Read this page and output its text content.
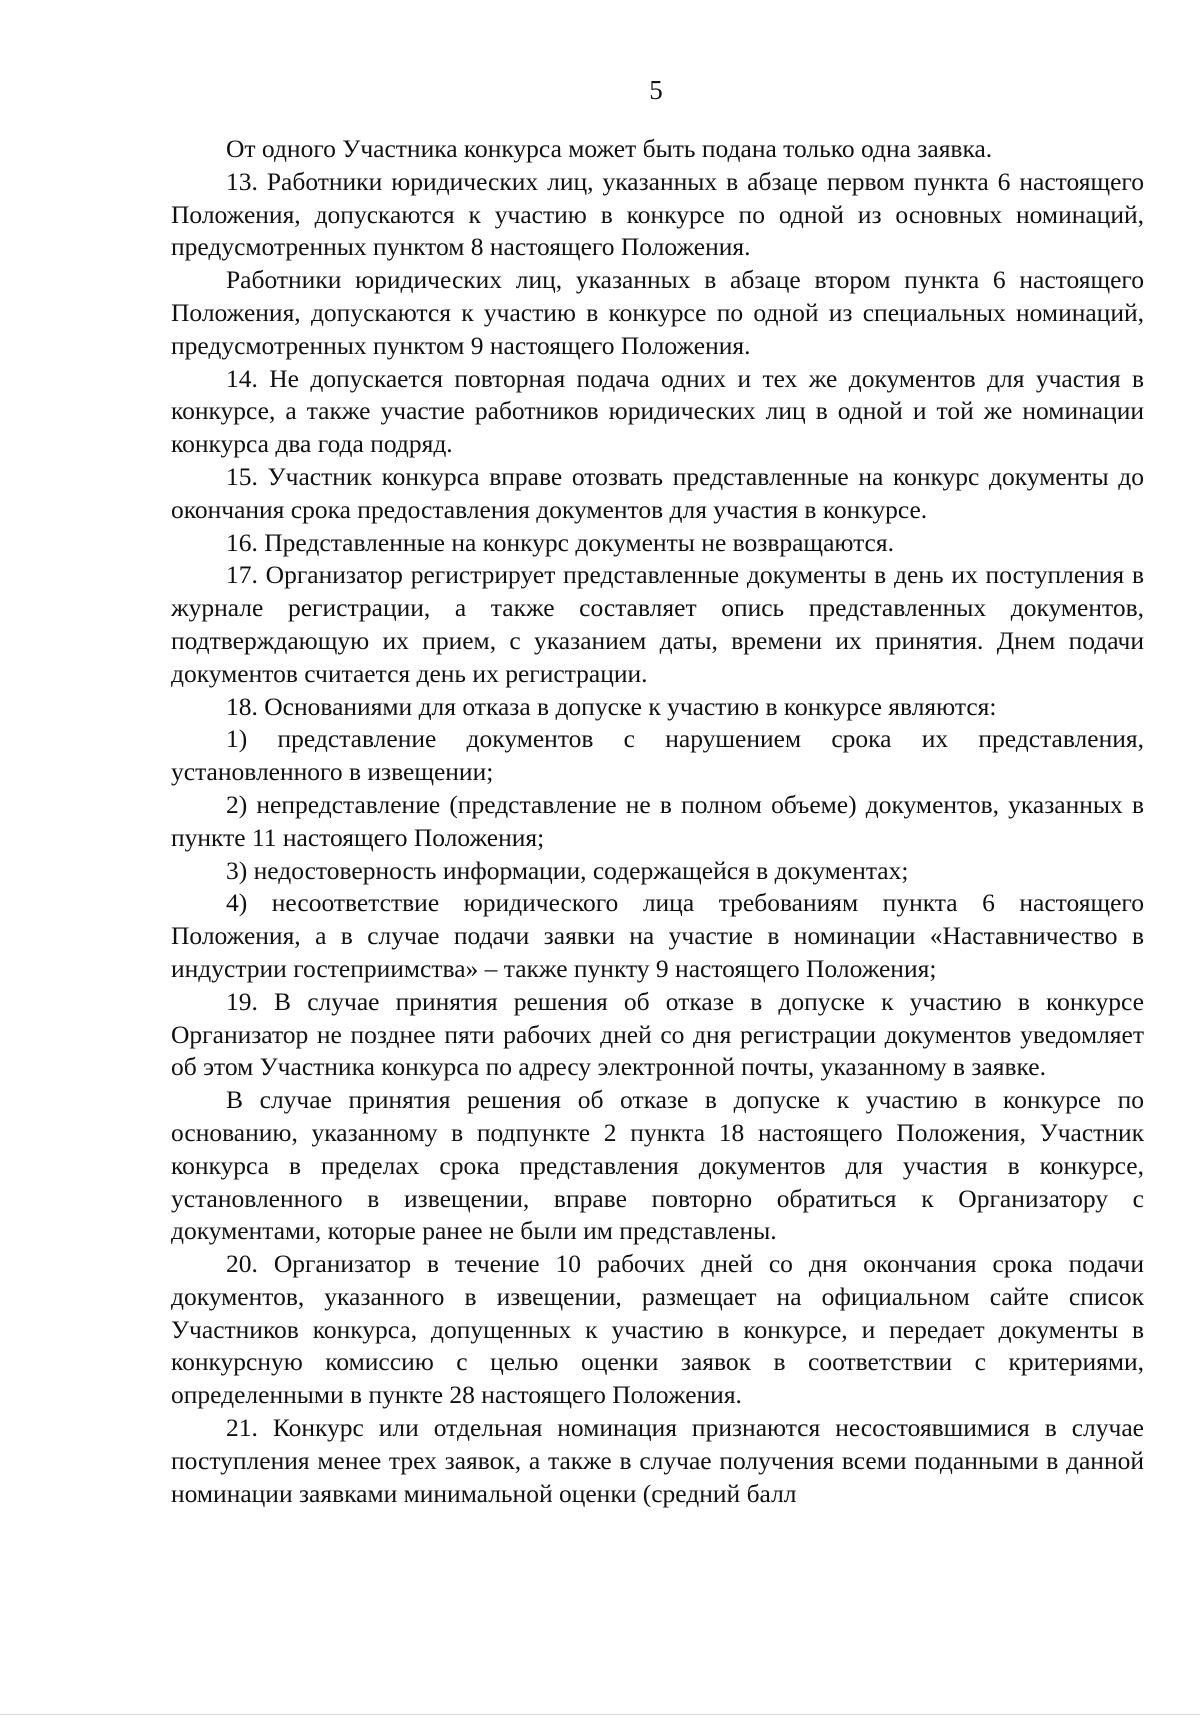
5

От одного Участника конкурса может быть подана только одна заявка.

13. Работники юридических лиц, указанных в абзаце первом пункта 6 настоящего Положения, допускаются к участию в конкурсе по одной из основных номинаций, предусмотренных пунктом 8 настоящего Положения.

Работники юридических лиц, указанных в абзаце втором пункта 6 настоящего Положения, допускаются к участию в конкурсе по одной из специальных номинаций, предусмотренных пунктом 9 настоящего Положения.

14. Не допускается повторная подача одних и тех же документов для участия в конкурсе, а также участие работников юридических лиц в одной и той же номинации конкурса два года подряд.

15. Участник конкурса вправе отозвать представленные на конкурс документы до окончания срока предоставления документов для участия в конкурсе.

16. Представленные на конкурс документы не возвращаются.

17. Организатор регистрирует представленные документы в день их поступления в журнале регистрации, а также составляет опись представленных документов, подтверждающую их прием, с указанием даты, времени их принятия. Днем подачи документов считается день их регистрации.

18. Основаниями для отказа в допуске к участию в конкурсе являются:

1) представление документов с нарушением срока их представления, установленного в извещении;

2) непредставление (представление не в полном объеме) документов, указанных в пункте 11 настоящего Положения;

3) недостоверность информации, содержащейся в документах;

4) несоответствие юридического лица требованиям пункта 6 настоящего Положения, а в случае подачи заявки на участие в номинации «Наставничество в индустрии гостеприимства» – также пункту 9 настоящего Положения;

19. В случае принятия решения об отказе в допуске к участию в конкурсе Организатор не позднее пяти рабочих дней со дня регистрации документов уведомляет об этом Участника конкурса по адресу электронной почты, указанному в заявке.

В случае принятия решения об отказе в допуске к участию в конкурсе по основанию, указанному в подпункте 2 пункта 18 настоящего Положения, Участник конкурса в пределах срока представления документов для участия в конкурсе, установленного в извещении, вправе повторно обратиться к Организатору с документами, которые ранее не были им представлены.

20. Организатор в течение 10 рабочих дней со дня окончания срока подачи документов, указанного в извещении, размещает на официальном сайте список Участников конкурса, допущенных к участию в конкурсе, и передает документы в конкурсную комиссию с целью оценки заявок в соответствии с критериями, определенными в пункте 28 настоящего Положения.

21. Конкурс или отдельная номинация признаются несостоявшимися в случае поступления менее трех заявок, а также в случае получения всеми поданными в данной номинации заявками минимальной оценки (средний балл
